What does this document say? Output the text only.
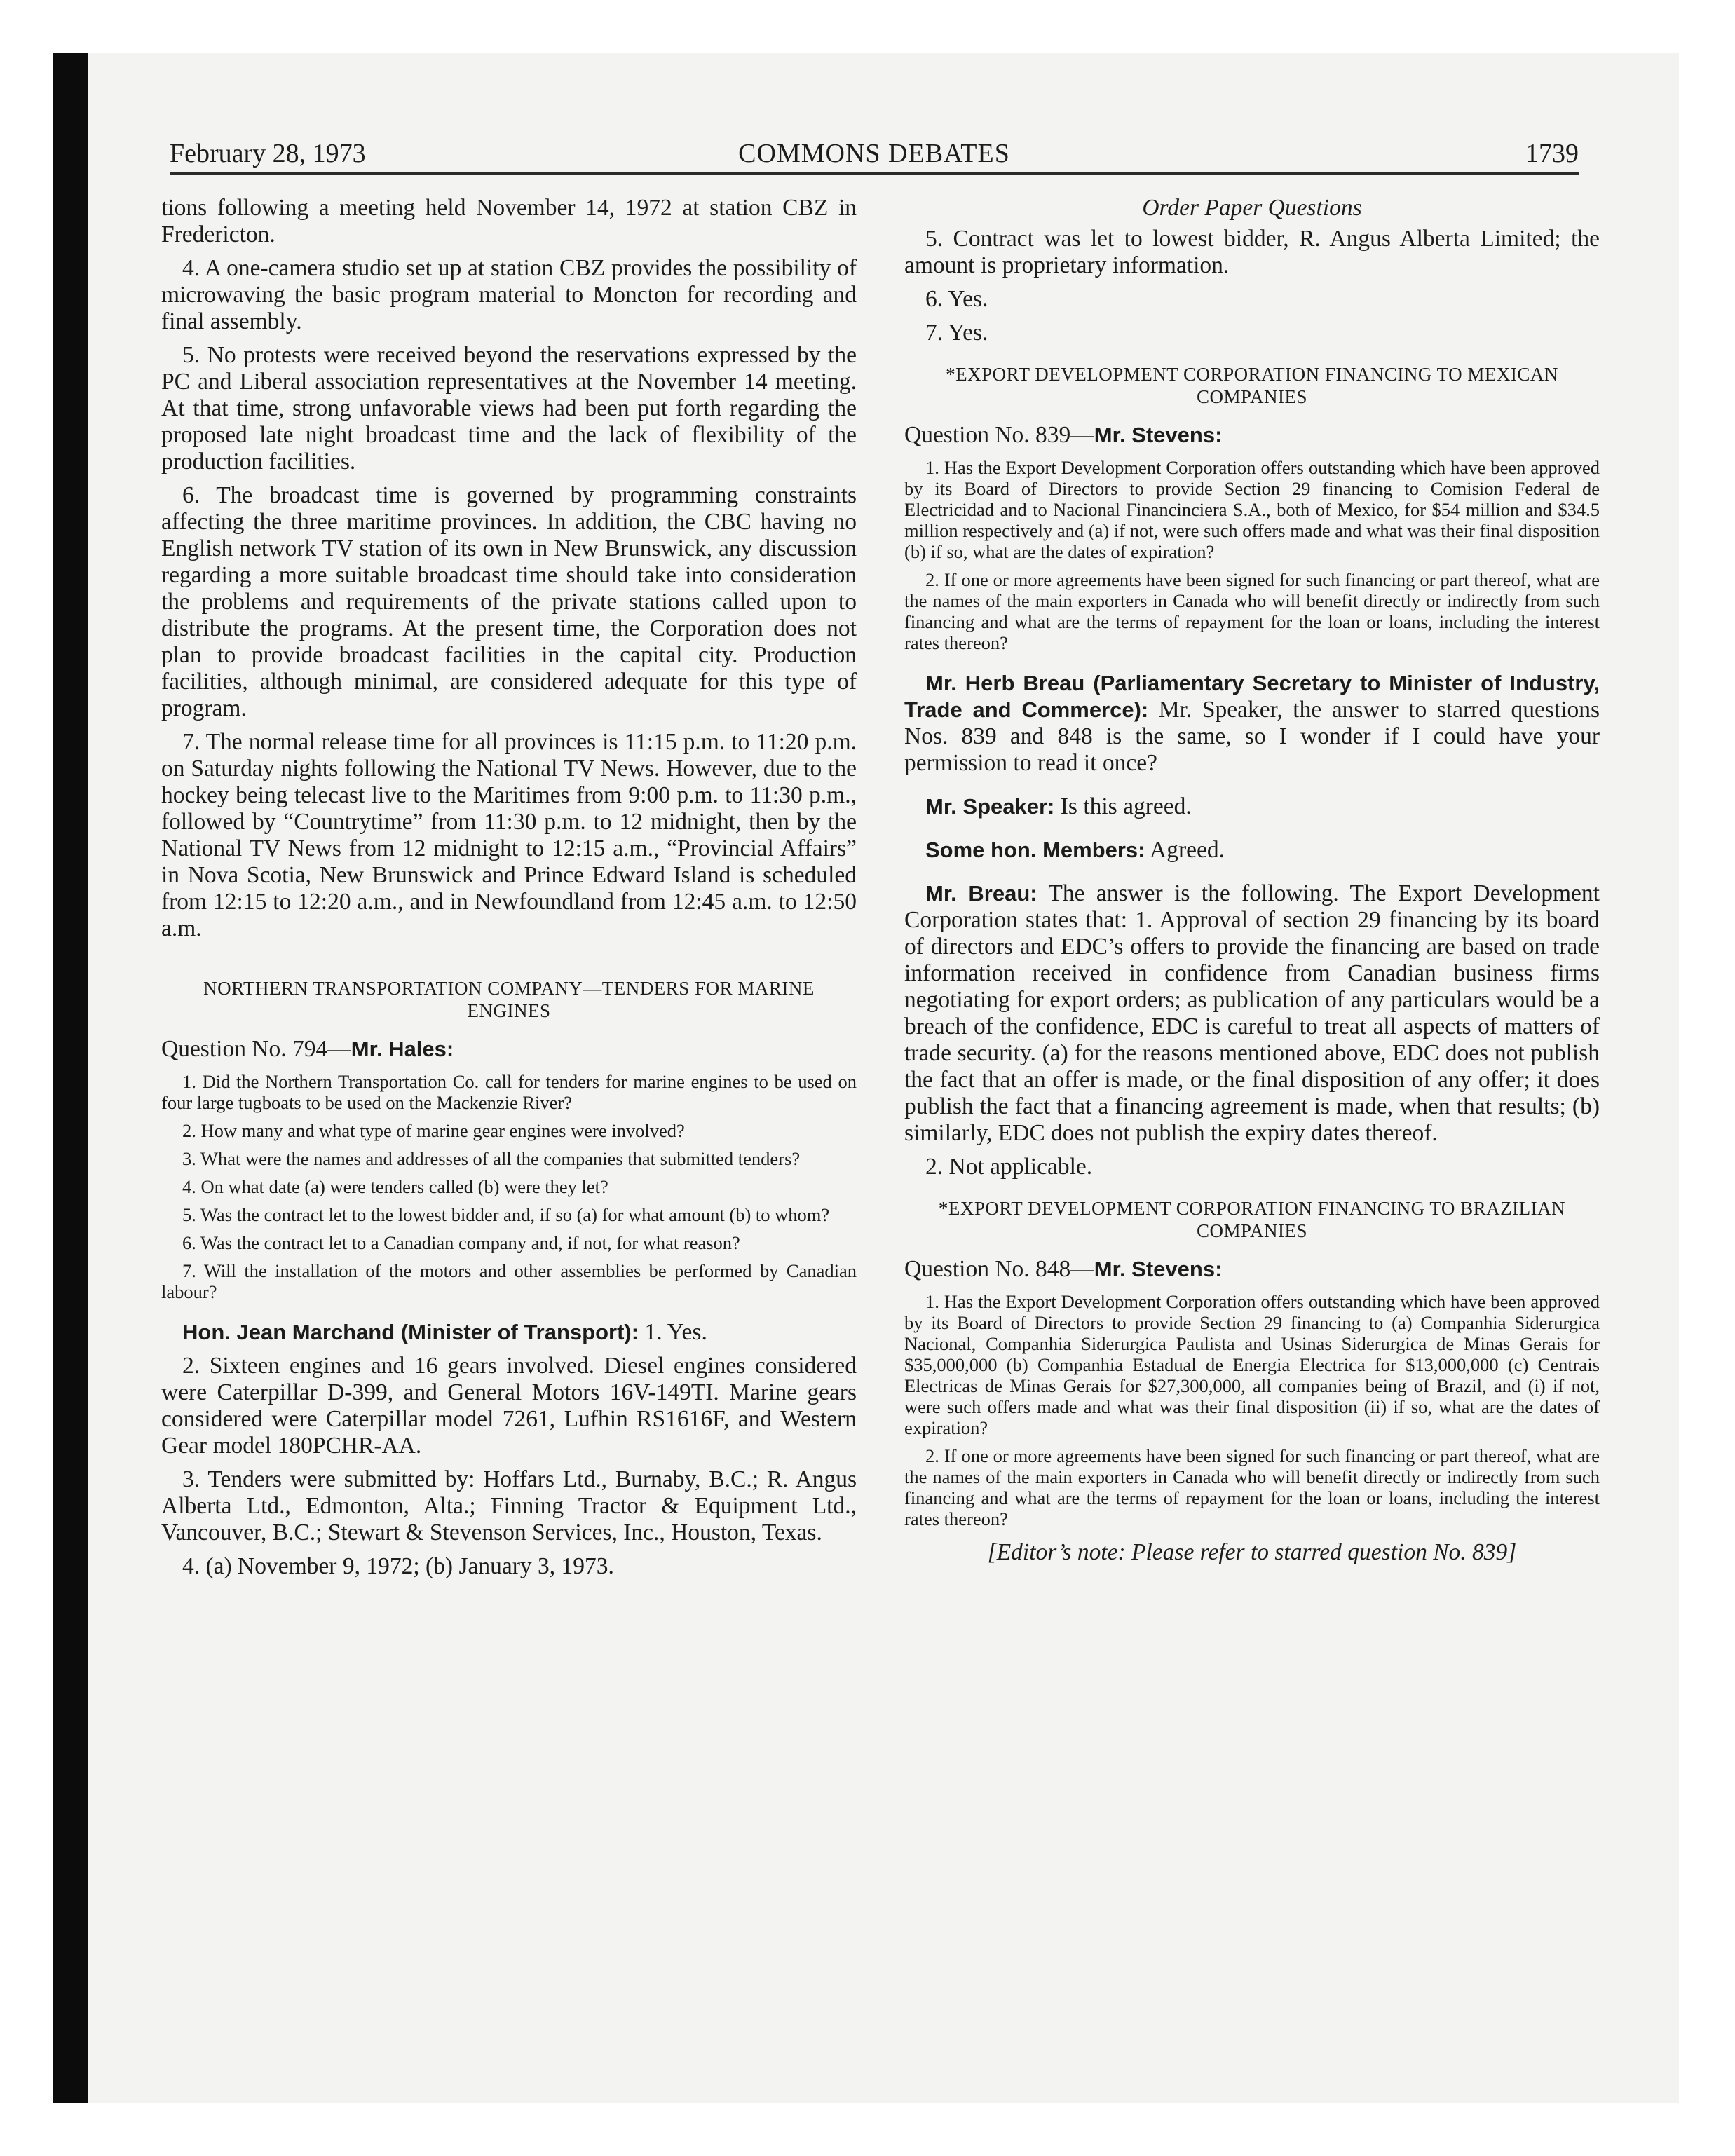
COMMONS DEBATES
February 28, 1973	1739

tions following a meeting held November 14, 1972 at station CBZ in Fredericton.

4. A one-camera studio set up at station CBZ provides the possibility of microwaving the basic program material to Moncton for recording and final assembly.

5. No protests were received beyond the reservations expressed by the PC and Liberal association representatives at the November 14 meeting. At that time, strong unfavorable views had been put forth regarding the proposed late night broadcast time and the lack of flexibility of the production facilities.

6. The broadcast time is governed by programming constraints affecting the three maritime provinces. In addition, the CBC having no English network TV station of its own in New Brunswick, any discussion regarding a more suitable broadcast time should take into consideration the problems and requirements of the private stations called upon to distribute the programs. At the present time, the Corporation does not plan to provide broadcast facilities in the capital city. Production facilities, although minimal, are considered adequate for this type of program.

7. The normal release time for all provinces is 11:15 p.m. to 11:20 p.m. on Saturday nights following the National TV News. However, due to the hockey being telecast live to the Maritimes from 9:00 p.m. to 11:30 p.m., followed by “Countrytime” from 11:30 p.m. to 12 midnight, then by the National TV News from 12 midnight to 12:15 a.m., “Provincial Affairs” in Nova Scotia, New Brunswick and Prince Edward Island is scheduled from 12:15 to 12:20 a.m., and in Newfoundland from 12:45 a.m. to 12:50 a.m.

NORTHERN TRANSPORTATION COMPANY—TENDERS FOR MARINE ENGINES

Question No. 794—Mr. Hales:

1. Did the Northern Transportation Co. call for tenders for marine engines to be used on four large tugboats to be used on the Mackenzie River?

2. How many and what type of marine gear engines were involved?

3. What were the names and addresses of all the companies that submitted tenders?

4. On what date (a) were tenders called (b) were they let?

5. Was the contract let to the lowest bidder and, if so (a) for what amount (b) to whom?

6. Was the contract let to a Canadian company and, if not, for what reason?

7. Will the installation of the motors and other assemblies be performed by Canadian labour?

Hon. Jean Marchand (Minister of Transport): 1. Yes.

2. Sixteen engines and 16 gears involved. Diesel engines considered were Caterpillar D-399, and General Motors 16V-149TI. Marine gears considered were Caterpillar model 7261, Lufhin RS1616F, and Western Gear model 180PCHR-AA.

3. Tenders were submitted by: Hoffars Ltd., Burnaby, B.C.; R. Angus Alberta Ltd., Edmonton, Alta.; Finning Tractor & Equipment Ltd., Vancouver, B.C.; Stewart & Stevenson Services, Inc., Houston, Texas.

4. (a) November 9, 1972; (b) January 3, 1973.

Order Paper Questions

5. Contract was let to lowest bidder, R. Angus Alberta Limited; the amount is proprietary information.

6. Yes.

7. Yes.

*EXPORT DEVELOPMENT CORPORATION FINANCING TO MEXICAN COMPANIES

Question No. 839—Mr. Stevens:

1. Has the Export Development Corporation offers outstanding which have been approved by its Board of Directors to provide Section 29 financing to Comision Federal de Electricidad and to Nacional Financinciera S.A., both of Mexico, for $54 million and $34.5 million respectively and (a) if not, were such offers made and what was their final disposition (b) if so, what are the dates of expiration?

2. If one or more agreements have been signed for such financing or part thereof, what are the names of the main exporters in Canada who will benefit directly or indirectly from such financing and what are the terms of repayment for the loan or loans, including the interest rates thereon?

Mr. Herb Breau (Parliamentary Secretary to Minister of Industry, Trade and Commerce): Mr. Speaker, the answer to starred questions Nos. 839 and 848 is the same, so I wonder if I could have your permission to read it once?

Mr. Speaker: Is this agreed.

Some hon. Members: Agreed.

Mr. Breau: The answer is the following. The Export Development Corporation states that: 1. Approval of section 29 financing by its board of directors and EDC’s offers to provide the financing are based on trade information received in confidence from Canadian business firms negotiating for export orders; as publication of any particulars would be a breach of the confidence, EDC is careful to treat all aspects of matters of trade security. (a) for the reasons mentioned above, EDC does not publish the fact that an offer is made, or the final disposition of any offer; it does publish the fact that a financing agreement is made, when that results; (b) similarly, EDC does not publish the expiry dates thereof.

2. Not applicable.

*EXPORT DEVELOPMENT CORPORATION FINANCING TO BRAZILIAN COMPANIES

Question No. 848—Mr. Stevens:

1. Has the Export Development Corporation offers outstanding which have been approved by its Board of Directors to provide Section 29 financing to (a) Companhia Siderurgica Nacional, Companhia Siderurgica Paulista and Usinas Siderurgica de Minas Gerais for $35,000,000 (b) Companhia Estadual de Energia Electrica for $13,000,000 (c) Centrais Electricas de Minas Gerais for $27,300,000, all companies being of Brazil, and (i) if not, were such offers made and what was their final disposition (ii) if so, what are the dates of expiration?

2. If one or more agreements have been signed for such financing or part thereof, what are the names of the main exporters in Canada who will benefit directly or indirectly from such financing and what are the terms of repayment for the loan or loans, including the interest rates thereon?

[Editor’s note: Please refer to starred question No. 839]
